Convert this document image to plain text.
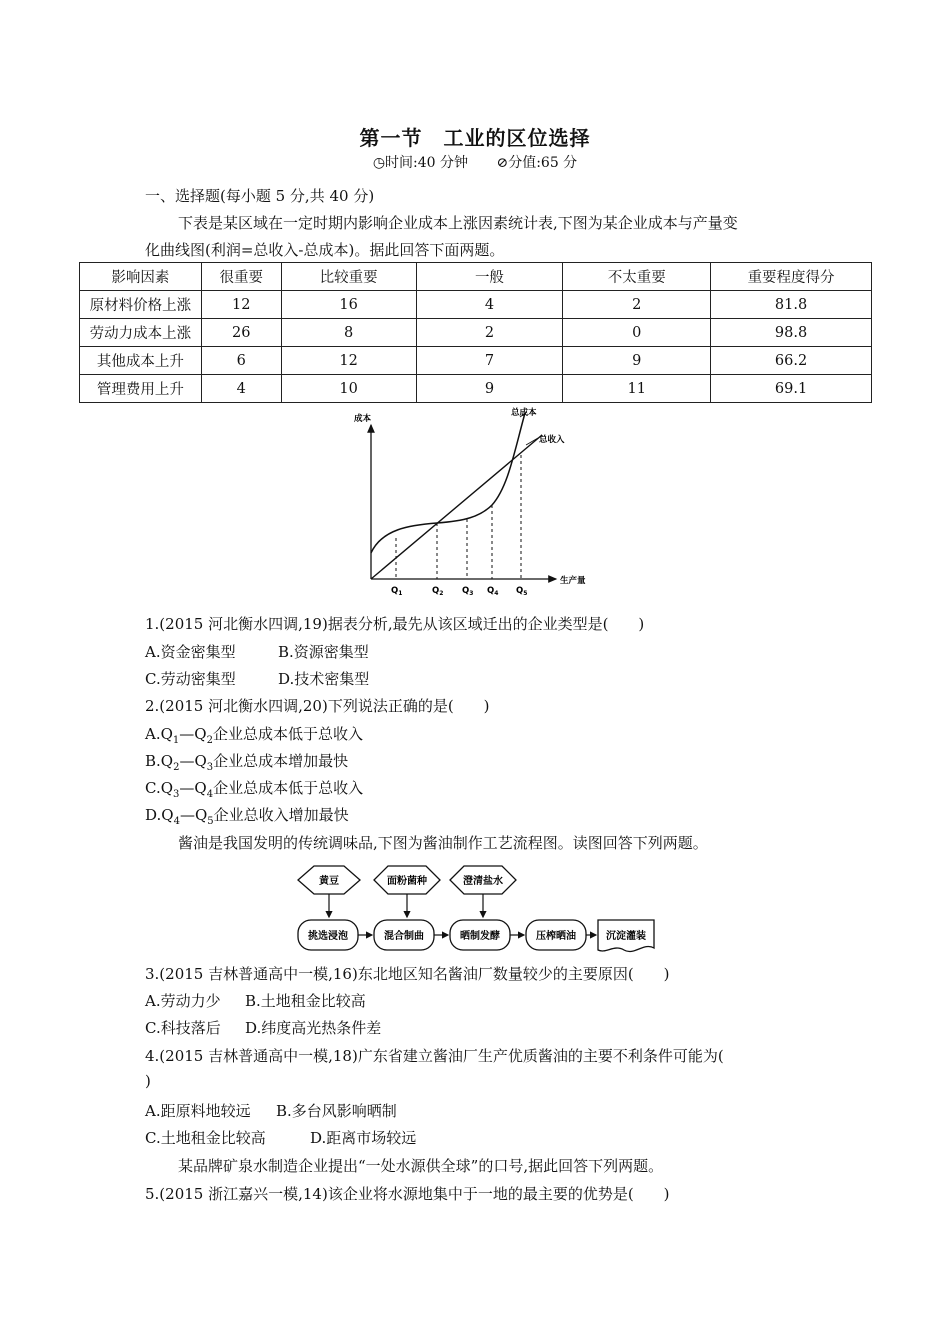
第一节　工业的区位选择
◷时间:40 分钟 ⊘分值:65 分
一、选择题(每小题 5 分,共 40 分)
下表是某区域在一定时期内影响企业成本上涨因素统计表,下图为某企业成本与产量变
化曲线图(利润=总收入-总成本)。据此回答下面两题。
影响因素	很重要	比较重要	一般	不太重要	重要程度得分
原材料价格上涨	12	16	4	2	81.8
劳动力成本上涨	26	8	2	0	98.8
其他成本上升	6	12	7	9	66.2
管理费用上升	4	10	9	11	69.1
成本
生产量
总成本
总收入
$Q_1$	$Q_2$ $Q_3$ $Q_4$ $Q_5$
1.(2015 河北衡水四调,19)据表分析,最先从该区域迁出的企业类型是(　　)
A.资金密集型	B.资源密集型
C.劳动密集型	D.技术密集型
2.(2015 河北衡水四调,20)下列说法正确的是(　　)
$A.Q_1—Q_2$企业总成本低于总收入
$B.Q_2—Q_3$企业总成本增加最快
$C.Q_3—Q_4$企业总成本低于总收入
$D.Q_4—Q_5$企业总收入增加最快
酱油是我国发明的传统调味品,下图为酱油制作工艺流程图。读图回答下列两题。
黄豆	面粉菌种	澄清盐水
挑选浸泡	混合制曲	晒制发酵	压榨晒油	沉淀灌装
3.(2015 吉林普通高中一模,16)东北地区知名酱油厂数量较少的主要原因(　　)
A.劳动力少 B.土地租金比较高
C.科技落后 D.纬度高光热条件差
4.(2015 吉林普通高中一模,18)广东省建立酱油厂生产优质酱油的主要不利条件可能为(
)
A.距原料地较远 B.多台风影响晒制
C.土地租金比较高	D.距离市场较远
某品牌矿泉水制造企业提出“一处水源供全球”的口号,据此回答下列两题。
5.(2015 浙江嘉兴一模,14)该企业将水源地集中于一地的最主要的优势是(　　)
